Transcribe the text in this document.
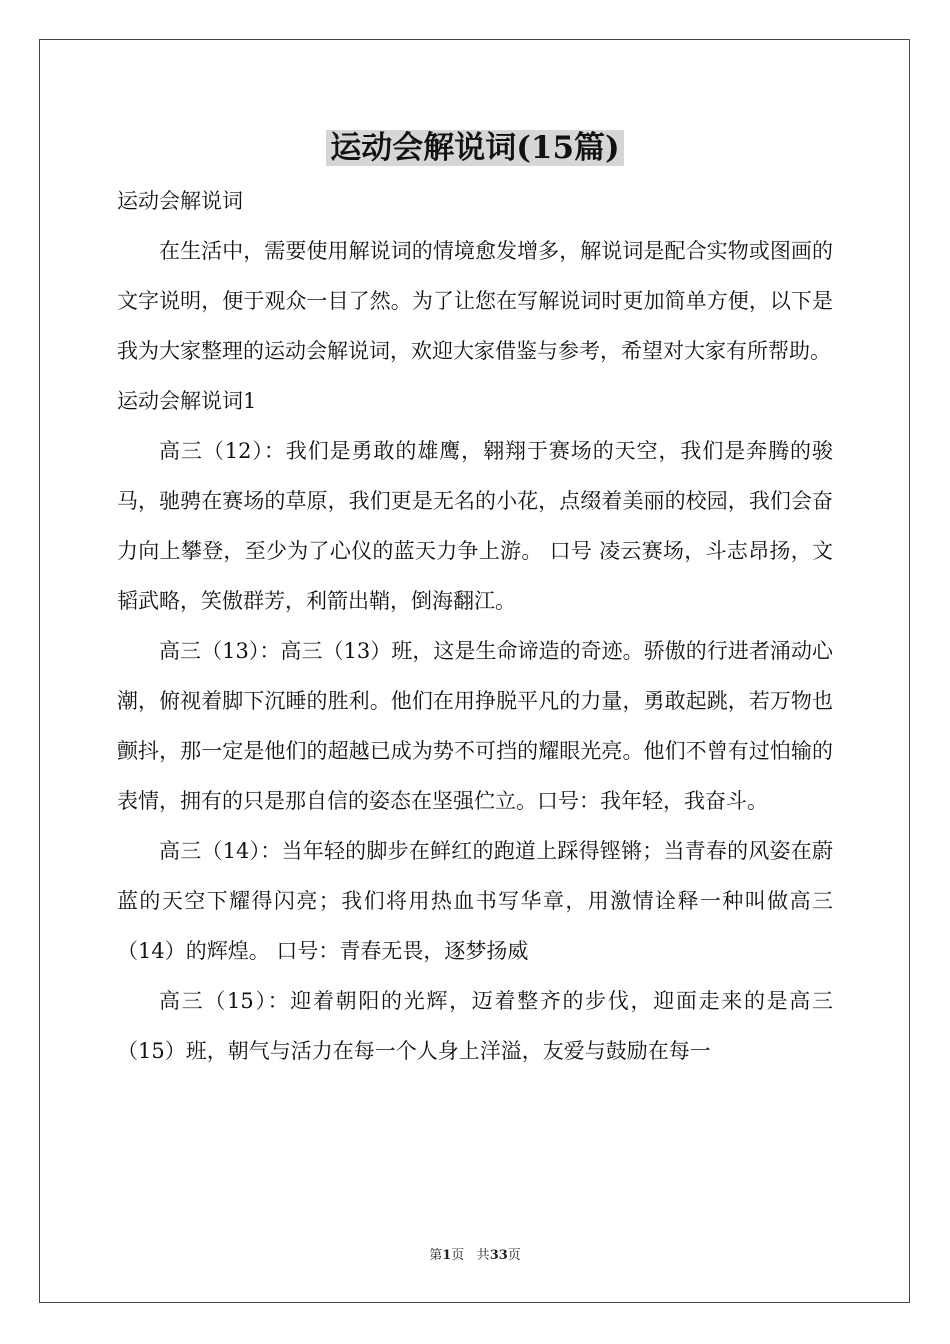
运动会解说词(15篇)

运动会解说词

在生活中，需要使用解说词的情境愈发增多，解说词是配合实物或图画的文字说明，便于观众一目了然。为了让您在写解说词时更加简单方便，以下是我为大家整理的运动会解说词，欢迎大家借鉴与参考，希望对大家有所帮助。

运动会解说词1

高三（12）：我们是勇敢的雄鹰，翱翔于赛场的天空，我们是奔腾的骏马，驰骋在赛场的草原，我们更是无名的小花，点缀着美丽的校园，我们会奋力向上攀登，至少为了心仪的蓝天力争上游。 口号 凌云赛场，斗志昂扬，文韬武略，笑傲群芳，利箭出鞘，倒海翻江。

高三（13）：高三（13）班，这是生命谛造的奇迹。骄傲的行进者涌动心潮，俯视着脚下沉睡的胜利。他们在用挣脱平凡的力量，勇敢起跳，若万物也颤抖，那一定是他们的超越已成为势不可挡的耀眼光亮。他们不曾有过怕输的表情，拥有的只是那自信的姿态在坚强伫立。口号：我年轻，我奋斗。

高三（14）：当年轻的脚步在鲜红的跑道上踩得铿锵；当青春的风姿在蔚蓝的天空下耀得闪亮；我们将用热血书写华章，用激情诠释一种叫做高三（14）的辉煌。 口号：青春无畏，逐梦扬威

高三（15）：迎着朝阳的光辉，迈着整齐的步伐，迎面走来的是高三（15）班，朝气与活力在每一个人身上洋溢，友爱与鼓励在每一

第1页 共33页
